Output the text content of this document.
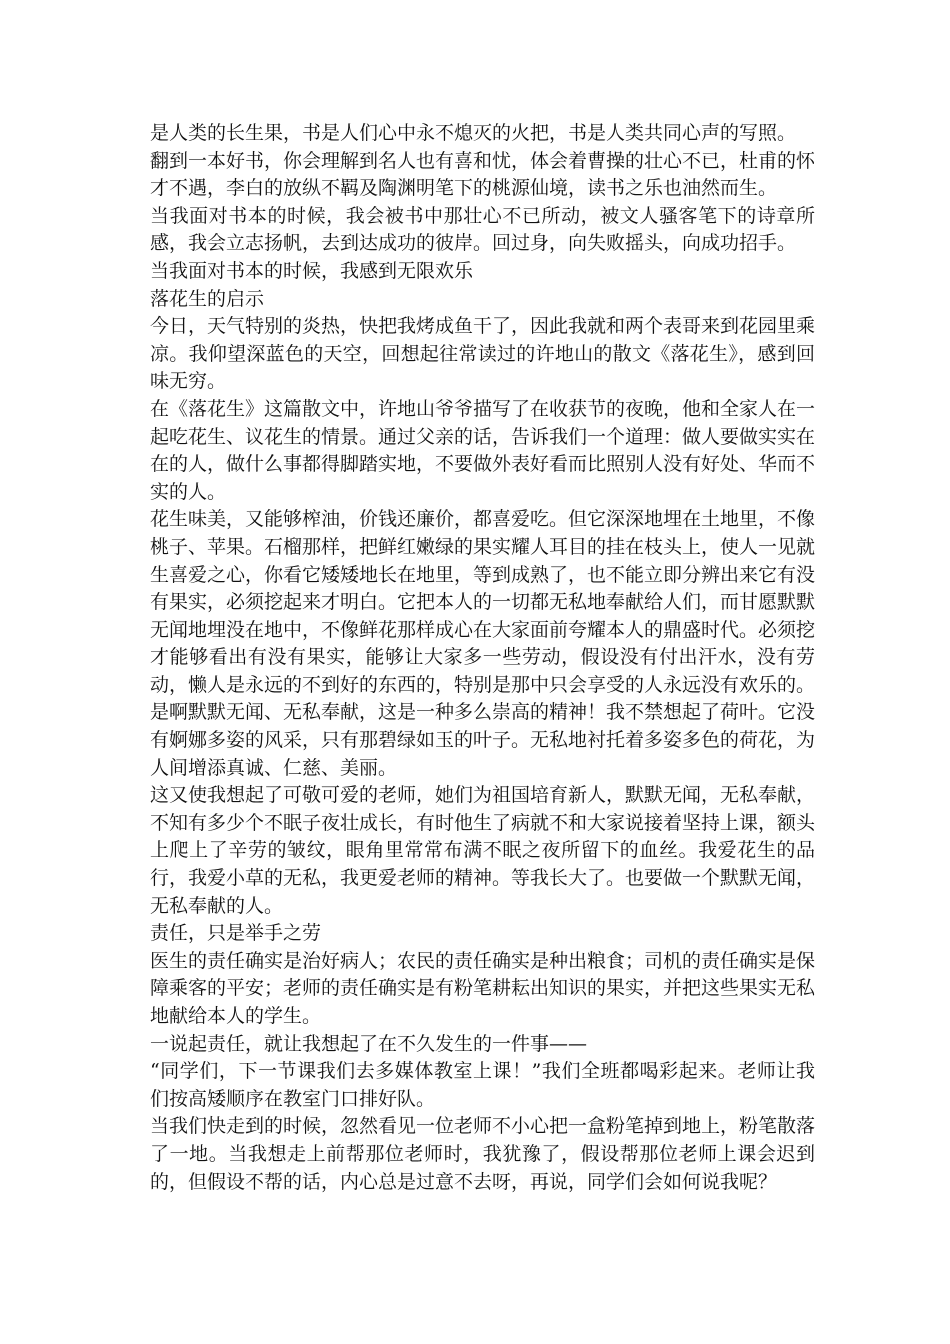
是人类的长生果，书是人们心中永不熄灭的火把，书是人类共同心声的写照。

翻到一本好书，你会理解到名人也有喜和忧，体会着曹操的壮心不已，杜甫的怀才不遇，李白的放纵不羁及陶渊明笔下的桃源仙境，读书之乐也油然而生。

当我面对书本的时候，我会被书中那壮心不已所动，被文人骚客笔下的诗章所感，我会立志扬帆，去到达成功的彼岸。回过身，向失败摇头，向成功招手。

当我面对书本的时候，我感到无限欢乐

落花生的启示

今日，天气特别的炎热，快把我烤成鱼干了，因此我就和两个表哥来到花园里乘凉。我仰望深蓝色的天空，回想起往常读过的许地山的散文《落花生》，感到回味无穷。

在《落花生》这篇散文中，许地山爷爷描写了在收获节的夜晚，他和全家人在一起吃花生、议花生的情景。通过父亲的话，告诉我们一个道理：做人要做实实在在的人，做什么事都得脚踏实地，不要做外表好看而比照别人没有好处、华而不实的人。

花生味美，又能够榨油，价钱还廉价，都喜爱吃。但它深深地埋在土地里，不像桃子、苹果。石榴那样，把鲜红嫩绿的果实耀人耳目的挂在枝头上，使人一见就生喜爱之心，你看它矮矮地长在地里，等到成熟了，也不能立即分辨出来它有没有果实，必须挖起来才明白。它把本人的一切都无私地奉献给人们，而甘愿默默无闻地埋没在地中，不像鲜花那样成心在大家面前夸耀本人的鼎盛时代。必须挖才能够看出有没有果实，能够让大家多一些劳动，假设没有付出汗水，没有劳动，懒人是永远的不到好的东西的，特别是那中只会享受的人永远没有欢乐的。

是啊默默无闻、无私奉献，这是一种多么崇高的精神！我不禁想起了荷叶。它没有婀娜多姿的风采，只有那碧绿如玉的叶子。无私地衬托着多姿多色的荷花，为人间增添真诚、仁慈、美丽。

这又使我想起了可敬可爱的老师，她们为祖国培育新人，默默无闻，无私奉献，不知有多少个不眠子夜壮成长，有时他生了病就不和大家说接着坚持上课，额头上爬上了辛劳的皱纹，眼角里常常布满不眠之夜所留下的血丝。我爱花生的品行，我爱小草的无私，我更爱老师的精神。等我长大了。也要做一个默默无闻，无私奉献的人。

责任，只是举手之劳

医生的责任确实是治好病人；农民的责任确实是种出粮食；司机的责任确实是保障乘客的平安；老师的责任确实是有粉笔耕耘出知识的果实，并把这些果实无私地献给本人的学生。

一说起责任，就让我想起了在不久发生的一件事——

“同学们，下一节课我们去多媒体教室上课！”我们全班都喝彩起来。老师让我们按高矮顺序在教室门口排好队。

当我们快走到的时候，忽然看见一位老师不小心把一盒粉笔掉到地上，粉笔散落了一地。当我想走上前帮那位老师时，我犹豫了，假设帮那位老师上课会迟到的，但假设不帮的话，内心总是过意不去呀，再说，同学们会如何说我呢？
